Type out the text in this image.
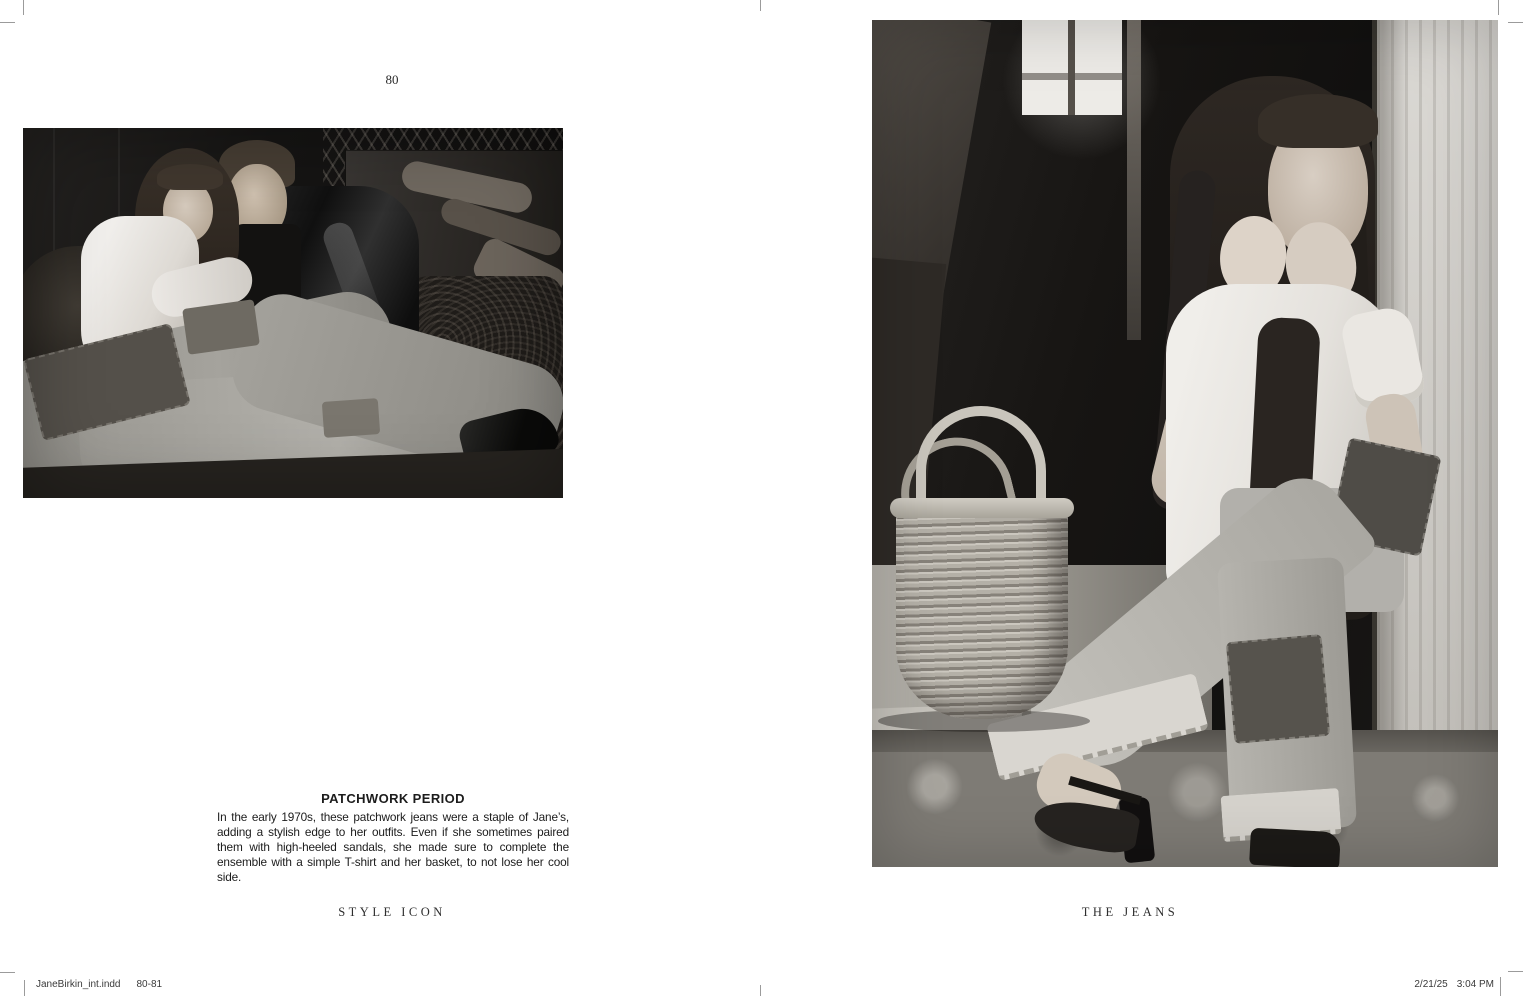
80
PATCHWORK PERIOD
In the early 1970s, these patchwork jeans were a staple of Jane’s, adding a stylish edge to her outfits. Even if she sometimes paired them with high-heeled sandals, she made sure to complete the ensemble with a simple T-shirt and her basket, to not lose her cool side.
STYLE ICON	THE JEANS
JaneBirkin_int.indd 80-81	2/21/25 3:04 PM
